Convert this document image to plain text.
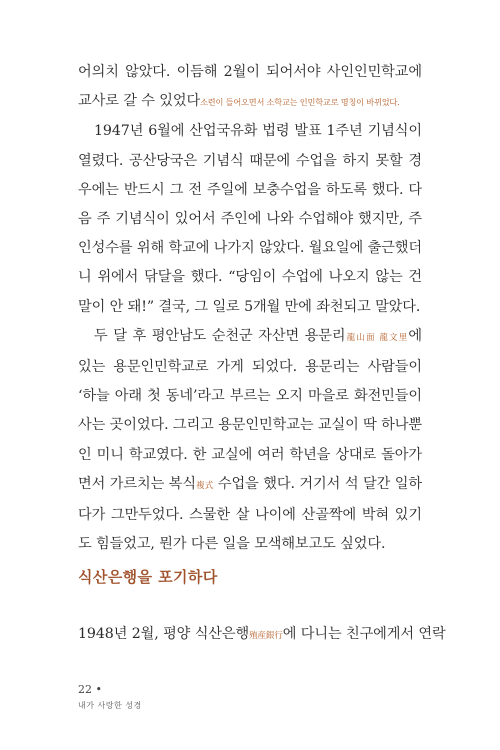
어의치 않았다. 이듬해 2월이 되어서야 사인인민학교에 교사로 갈 수 있었다소련이 들어오면서 소학교는 인민학교로 명칭이 바뀌었다.

1947년 6월에 산업국유화 법령 발표 1주년 기념식이 열렸다. 공산당국은 기념식 때문에 수업을 하지 못할 경우에는 반드시 그 전 주일에 보충수업을 하도록 했다. 다음 주 기념식이 있어서 주인에 나와 수업해야 했지만, 주인성수를 위해 학교에 나가지 않았다. 월요일에 출근했더니 위에서 닦달을 했다. “당임이 수업에 나오지 않는 건 말이 안 돼!” 결국, 그 일로 5개월 만에 좌천되고 말았다.

두 달 후 평안남도 순천군 자산면 용문리龍山面 龍文里에 있는 용문인민학교로 가게 되었다. 용문리는 사람들이 ‘하늘 아래 첫 동네’라고 부르는 오지 마을로 화전민들이 사는 곳이었다. 그리고 용문인민학교는 교실이 딱 하나뿐인 미니 학교였다. 한 교실에 여러 학년을 상대로 돌아가면서 가르치는 복식複式 수업을 했다. 거기서 석 달간 일하다가 그만두었다. 스물한 살 나이에 산골짝에 박혀 있기도 힘들었고, 뭔가 다른 일을 모색해보고도 싶었다.

식산은행을 포기하다
1948년 2월, 평양 식산은행殖産銀行에 다니는 친구에게서 연락
22 •
내가 사랑한 성경
